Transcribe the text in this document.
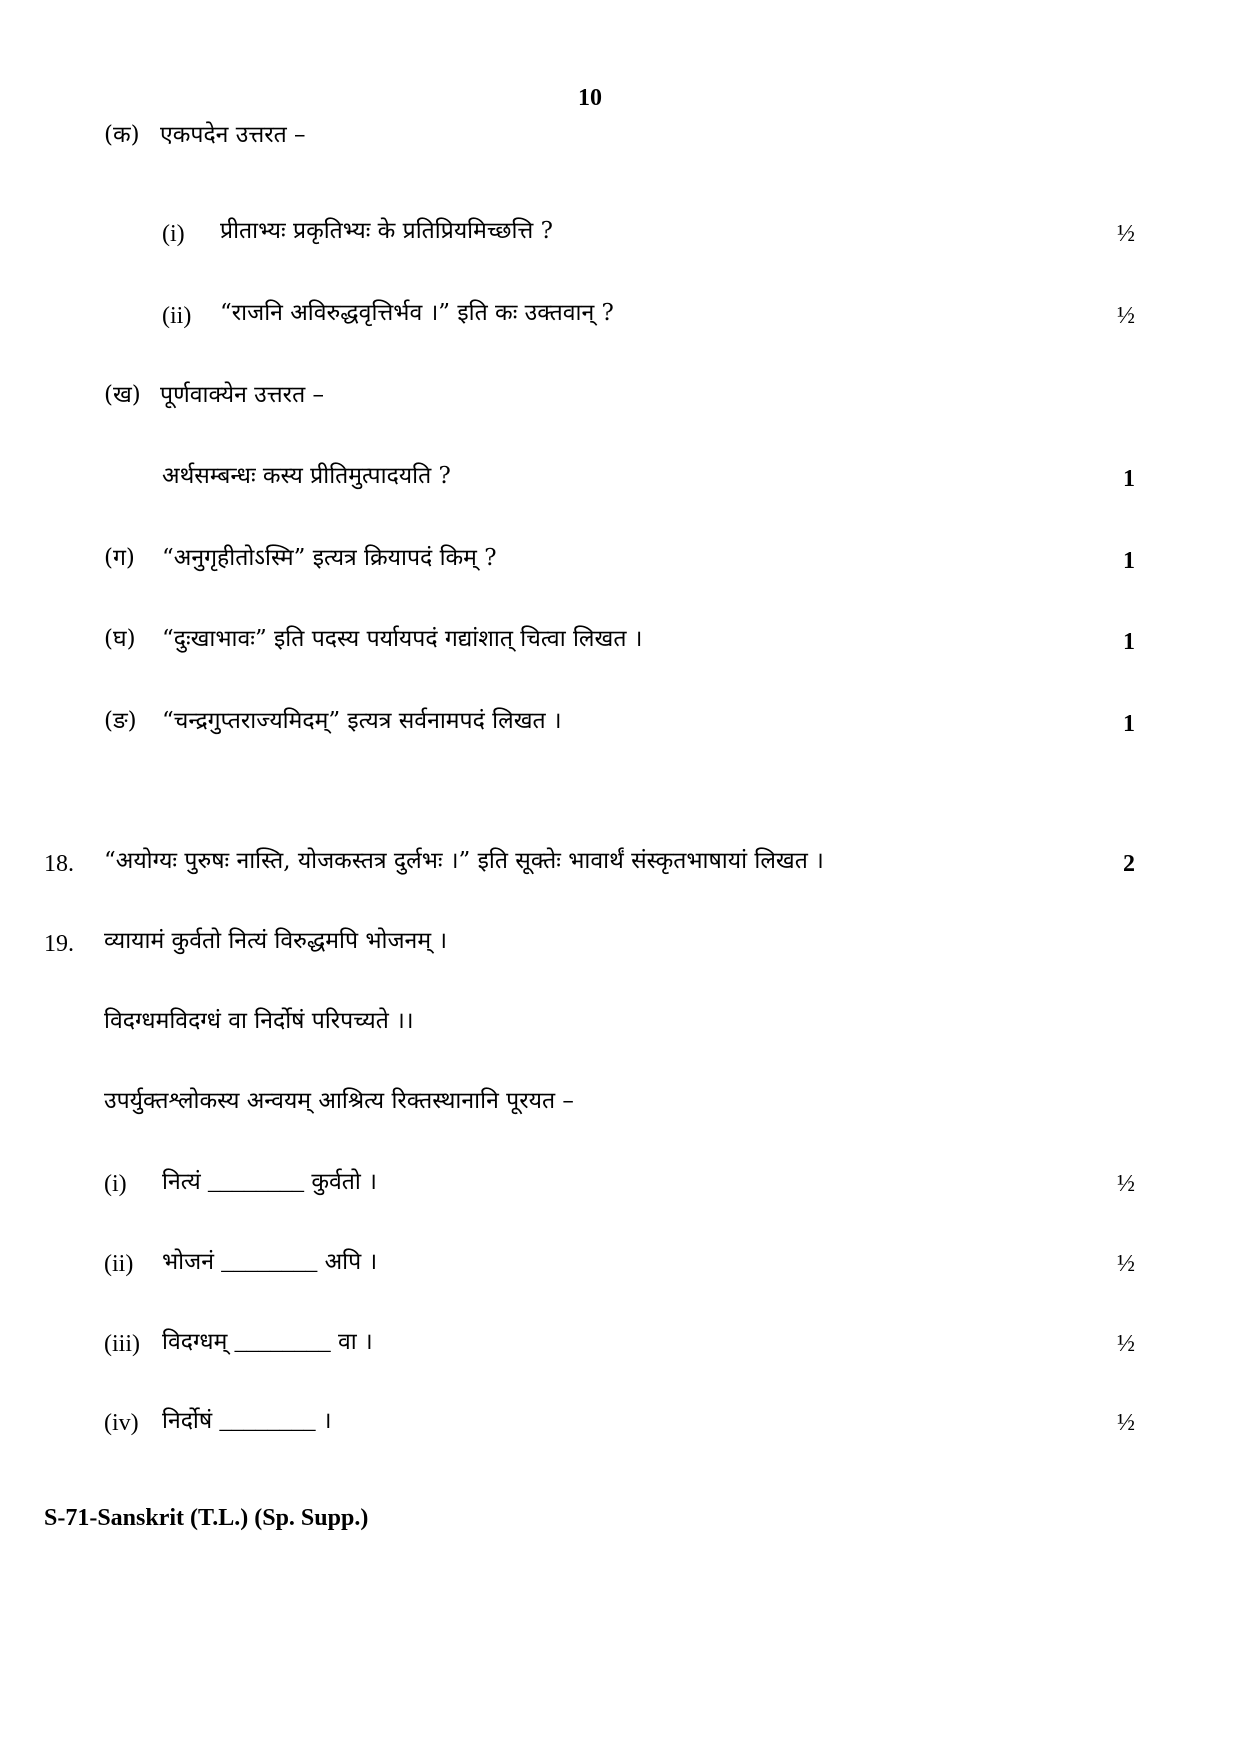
10
(क) एकपदेन उत्तरत –
(i) प्रीताभ्यः प्रकृतिभ्यः के प्रतिप्रियमिच्छत्ति ?	½
(ii) “राजनि अविरुद्धवृत्तिर्भव ।” इति कः उक्तवान् ?	½
(ख) पूर्णवाक्येन उत्तरत –
अर्थसम्बन्धः कस्य प्रीतिमुत्पादयति ?	1
(ग) “अनुगृहीतोऽस्मि” इत्यत्र क्रियापदं किम् ?	1
(घ) “दुःखाभावः” इति पदस्य पर्यायपदं गद्यांशात् चित्वा लिखत ।	1
(ङ) “चन्द्रगुप्तराज्यमिदम्” इत्यत्र सर्वनामपदं लिखत ।	1
18. “अयोग्यः पुरुषः नास्ति, योजकस्तत्र दुर्लभः ।” इति सूक्तेः भावार्थं संस्कृतभाषायां लिखत ।	2
19. व्यायामं कुर्वतो नित्यं विरुद्धमपि भोजनम् ।
विदग्धमविदग्धं वा निर्दोषं परिपच्यते ।।
उपर्युक्तश्लोकस्य अन्वयम् आश्रित्य रिक्तस्थानानि पूरयत –
(i) नित्यं ________ कुर्वतो ।	½
(ii) भोजनं ________ अपि ।	½
(iii) विदग्धम् ________ वा ।	½
(iv) निर्दोषं ________ ।	½
S-71-Sanskrit (T.L.) (Sp. Supp.)
